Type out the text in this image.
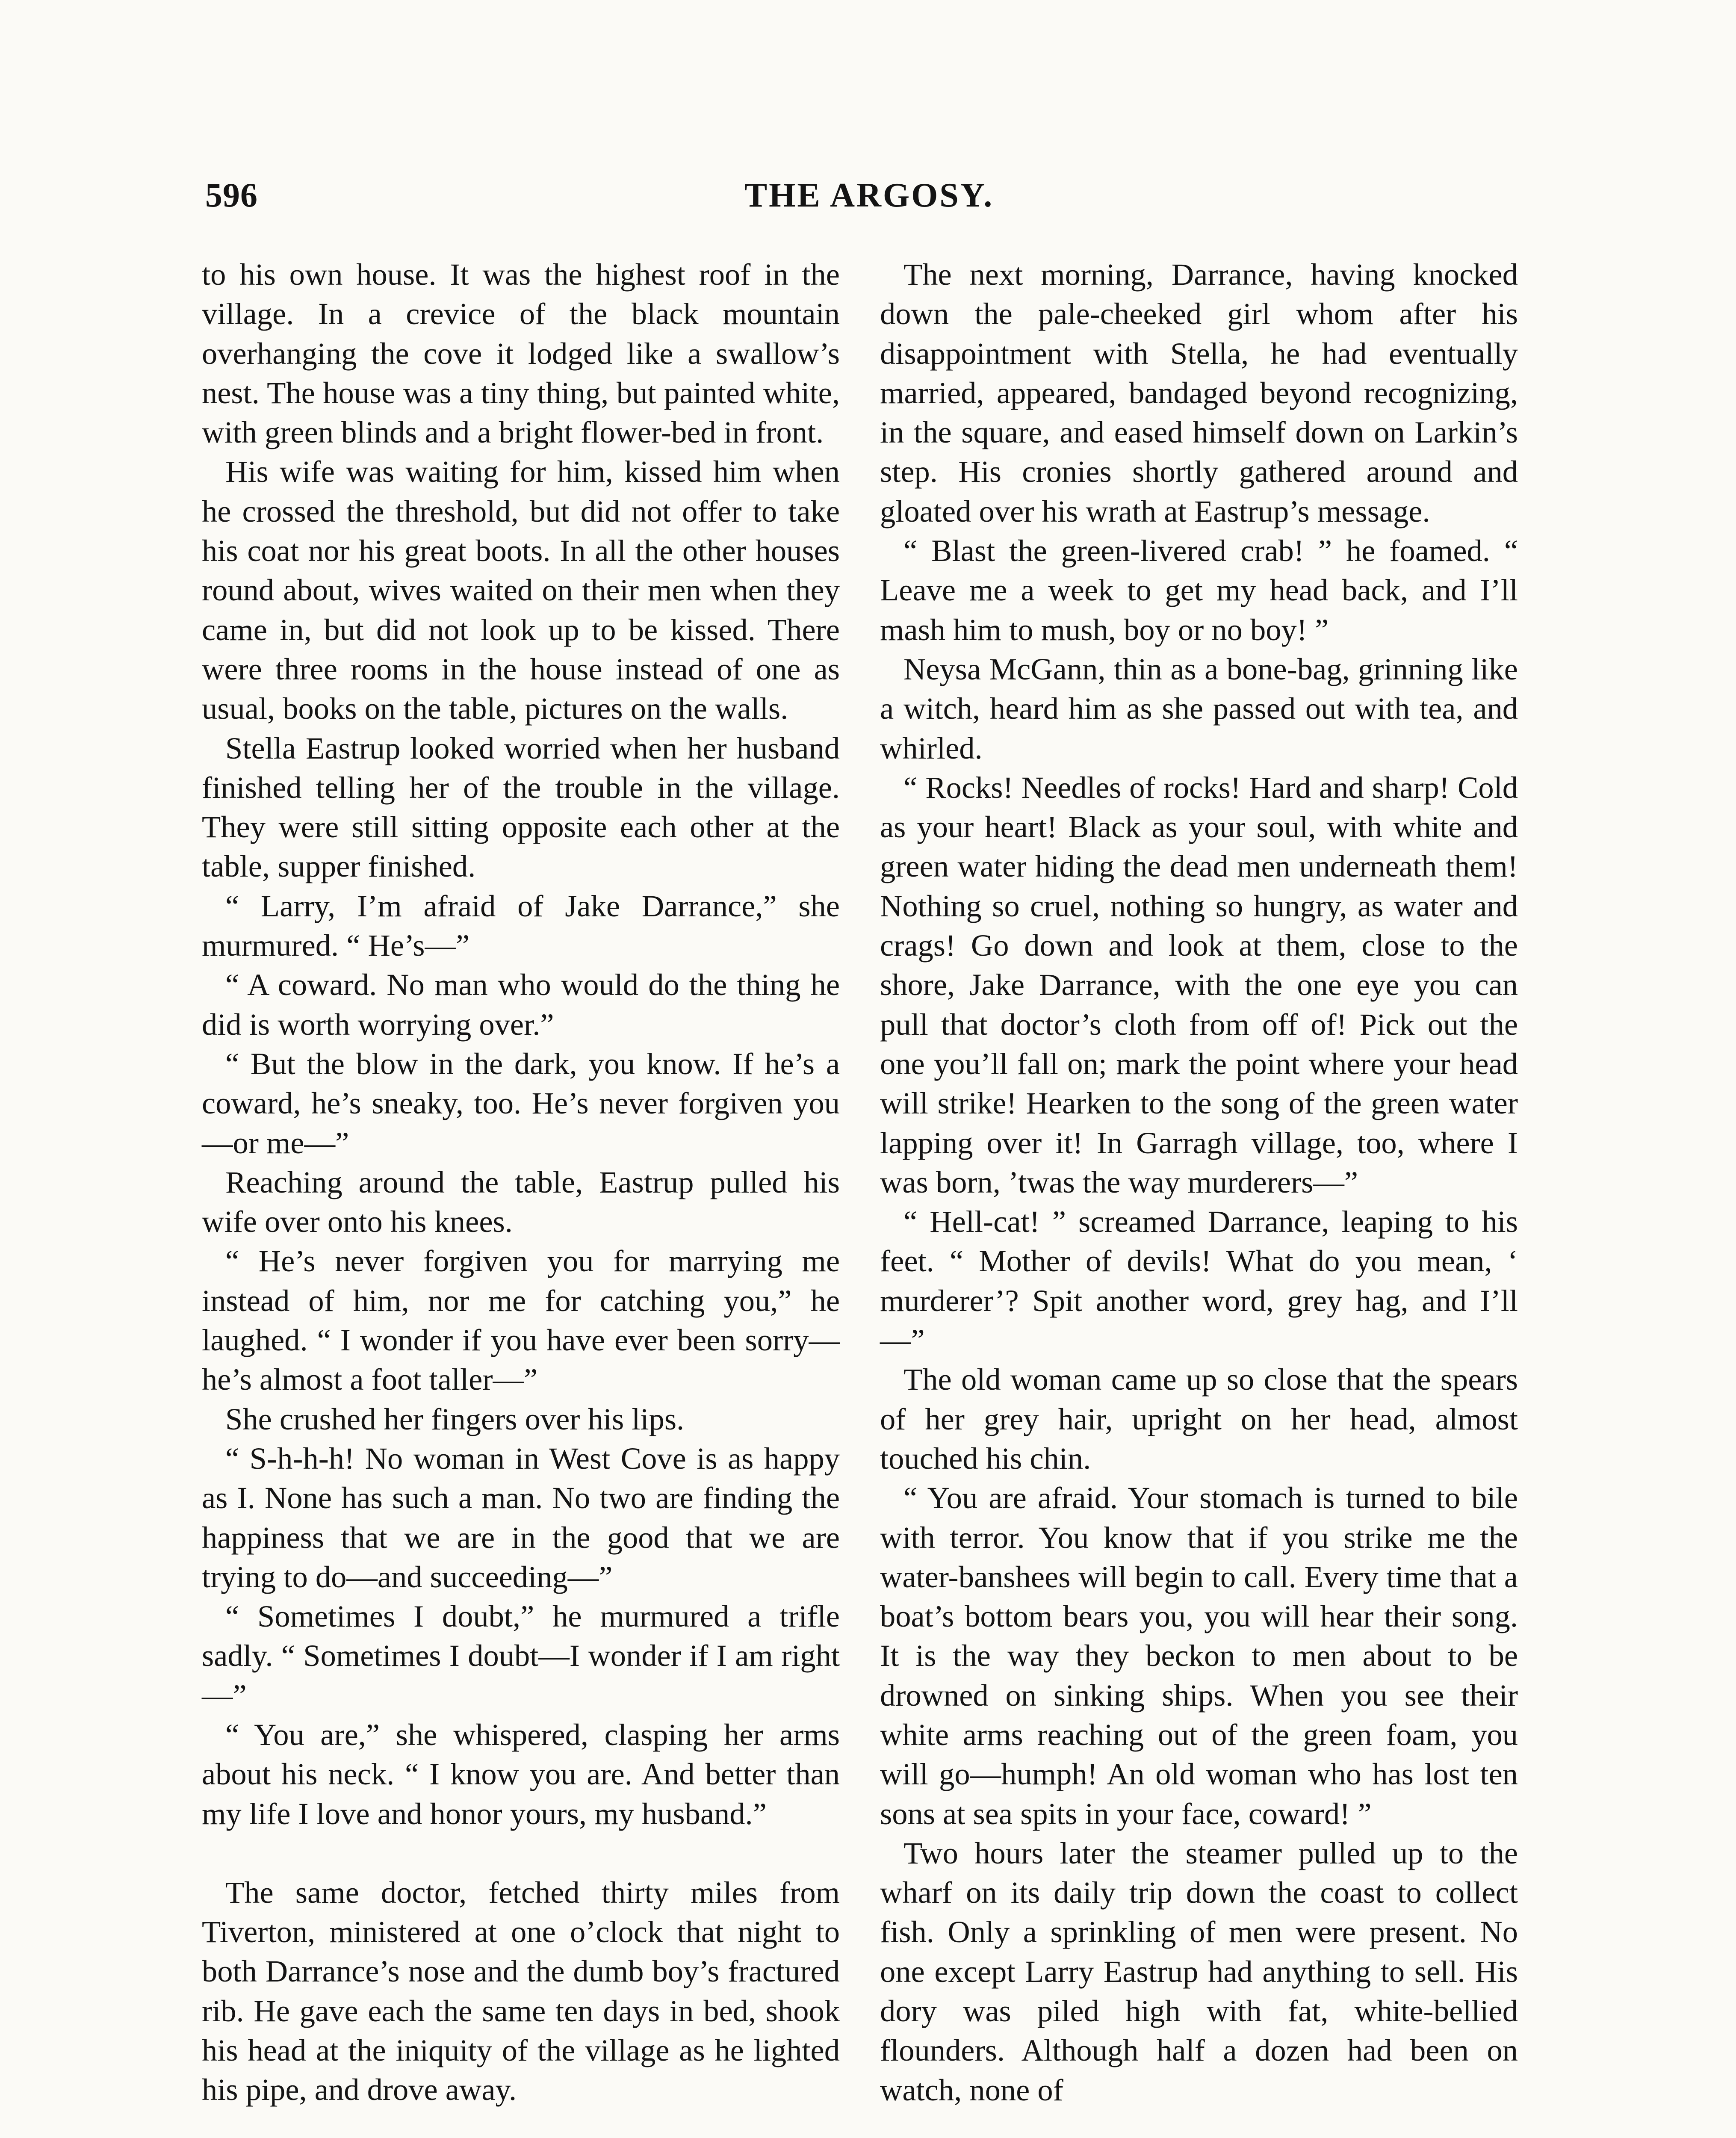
596	THE ARGOSY.

to his own house. It was the highest roof in the village. In a crevice of the black mountain overhanging the cove it lodged like a swallow’s nest. The house was a tiny thing, but painted white, with green blinds and a bright flower-bed in front.

His wife was waiting for him, kissed him when he crossed the threshold, but did not offer to take his coat nor his great boots. In all the other houses round about, wives waited on their men when they came in, but did not look up to be kissed. There were three rooms in the house instead of one as usual, books on the table, pictures on the walls.

Stella Eastrup looked worried when her husband finished telling her of the trouble in the village. They were still sitting opposite each other at the table, supper finished.

“ Larry, I’m afraid of Jake Darrance,” she murmured. “ He’s—”

“ A coward. No man who would do the thing he did is worth worrying over.”

“ But the blow in the dark, you know. If he’s a coward, he’s sneaky, too. He’s never forgiven you—or me—”

Reaching around the table, Eastrup pulled his wife over onto his knees.

“ He’s never forgiven you for marrying me instead of him, nor me for catching you,” he laughed. “ I wonder if you have ever been sorry—he’s almost a foot taller—”

She crushed her fingers over his lips.

“ S-h-h-h! No woman in West Cove is as happy as I. None has such a man. No two are finding the happiness that we are in the good that we are trying to do—and succeeding—”

“ Sometimes I doubt,” he murmured a trifle sadly. “ Sometimes I doubt—I wonder if I am right—”

“ You are,” she whispered, clasping her arms about his neck. “ I know you are. And better than my life I love and honor yours, my husband.”

The same doctor, fetched thirty miles from Tiverton, ministered at one o’clock that night to both Darrance’s nose and the dumb boy’s fractured rib. He gave each the same ten days in bed, shook his head at the iniquity of the village as he lighted his pipe, and drove away.

The next morning, Darrance, having knocked down the pale-cheeked girl whom after his disappointment with Stella, he had eventually married, appeared, bandaged beyond recognizing, in the square, and eased himself down on Larkin’s step. His cronies shortly gathered around and gloated over his wrath at Eastrup’s message.

“ Blast the green-livered crab! ” he foamed. “ Leave me a week to get my head back, and I’ll mash him to mush, boy or no boy! ”

Neysa McGann, thin as a bone-bag, grinning like a witch, heard him as she passed out with tea, and whirled.

“ Rocks! Needles of rocks! Hard and sharp! Cold as your heart! Black as your soul, with white and green water hiding the dead men underneath them! Nothing so cruel, nothing so hungry, as water and crags! Go down and look at them, close to the shore, Jake Darrance, with the one eye you can pull that doctor’s cloth from off of! Pick out the one you’ll fall on; mark the point where your head will strike! Hearken to the song of the green water lapping over it! In Garragh village, too, where I was born, ’twas the way murderers—”

“ Hell-cat! ” screamed Darrance, leaping to his feet. “ Mother of devils! What do you mean, ‘ murderer’? Spit another word, grey hag, and I’ll—”

The old woman came up so close that the spears of her grey hair, upright on her head, almost touched his chin.

“ You are afraid. Your stomach is turned to bile with terror. You know that if you strike me the water-banshees will begin to call. Every time that a boat’s bottom bears you, you will hear their song. It is the way they beckon to men about to be drowned on sinking ships. When you see their white arms reaching out of the green foam, you will go—humph! An old woman who has lost ten sons at sea spits in your face, coward! ”

Two hours later the steamer pulled up to the wharf on its daily trip down the coast to collect fish. Only a sprinkling of men were present. No one except Larry Eastrup had anything to sell. His dory was piled high with fat, white-bellied flounders. Although half a dozen had been on watch, none of
